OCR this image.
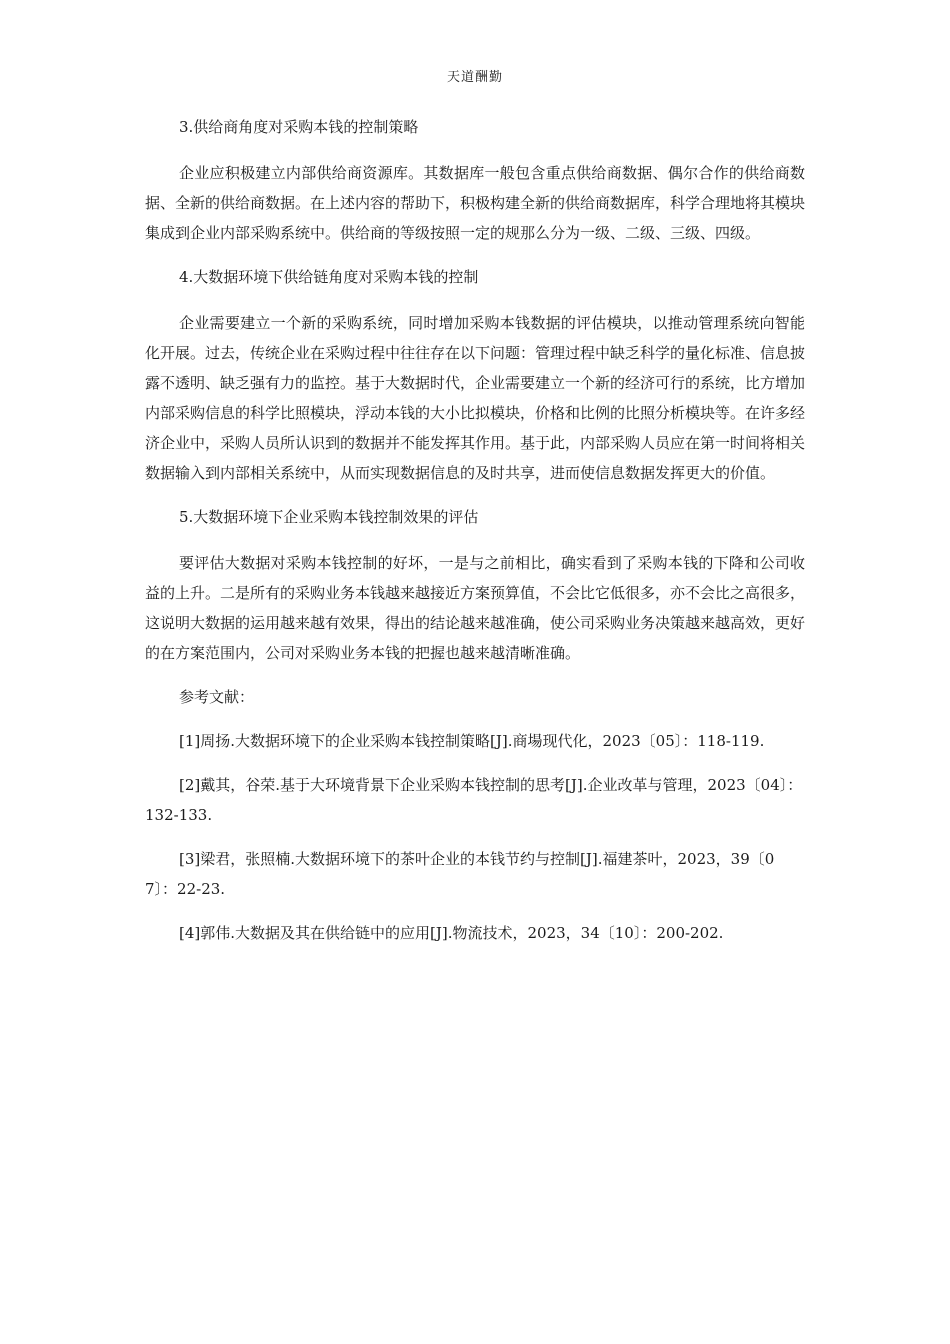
天道酬勤
3.供给商角度对采购本钱的控制策略
企业应积极建立内部供给商资源库。其数据库一般包含重点供给商数据、偶尔合作的供给商数据、全新的供给商数据。在上述内容的帮助下，积极构建全新的供给商数据库，科学合理地将其模块集成到企业内部采购系统中。供给商的等级按照一定的规那么分为一级、二级、三级、四级。
4.大数据环境下供给链角度对采购本钱的控制
企业需要建立一个新的采购系统，同时增加采购本钱数据的评估模块，以推动管理系统向智能化开展。过去，传统企业在采购过程中往往存在以下问题：管理过程中缺乏科学的量化标准、信息披露不透明、缺乏强有力的监控。基于大数据时代，企业需要建立一个新的经济可行的系统，比方增加内部采购信息的科学比照模块，浮动本钱的大小比拟模块，价格和比例的比照分析模块等。在许多经济企业中，采购人员所认识到的数据并不能发挥其作用。基于此，内部采购人员应在第一时间将相关数据输入到内部相关系统中，从而实现数据信息的及时共享，进而使信息数据发挥更大的价值。
5.大数据环境下企业采购本钱控制效果的评估
要评估大数据对采购本钱控制的好坏，一是与之前相比，确实看到了采购本钱的下降和公司收益的上升。二是所有的采购业务本钱越来越接近方案预算值，不会比它低很多，亦不会比之高很多，这说明大数据的运用越来越有效果，得出的结论越来越准确，使公司采购业务决策越来越高效，更好的在方案范围内，公司对采购业务本钱的把握也越来越清晰准确。
参考文献：
[1]周扬.大数据环境下的企业采购本钱控制策略[J].商場现代化，2023〔05〕：118-119.
[2]戴其，谷荣.基于大环境背景下企业采购本钱控制的思考[J].企业改革与管理，2023〔04〕：132-133.
[3]梁君，张照楠.大数据环境下的茶叶企业的本钱节约与控制[J].福建茶叶，2023，39〔07〕：22-23.
[4]郭伟.大数据及其在供给链中的应用[J].物流技术，2023，34〔10〕：200-202.
